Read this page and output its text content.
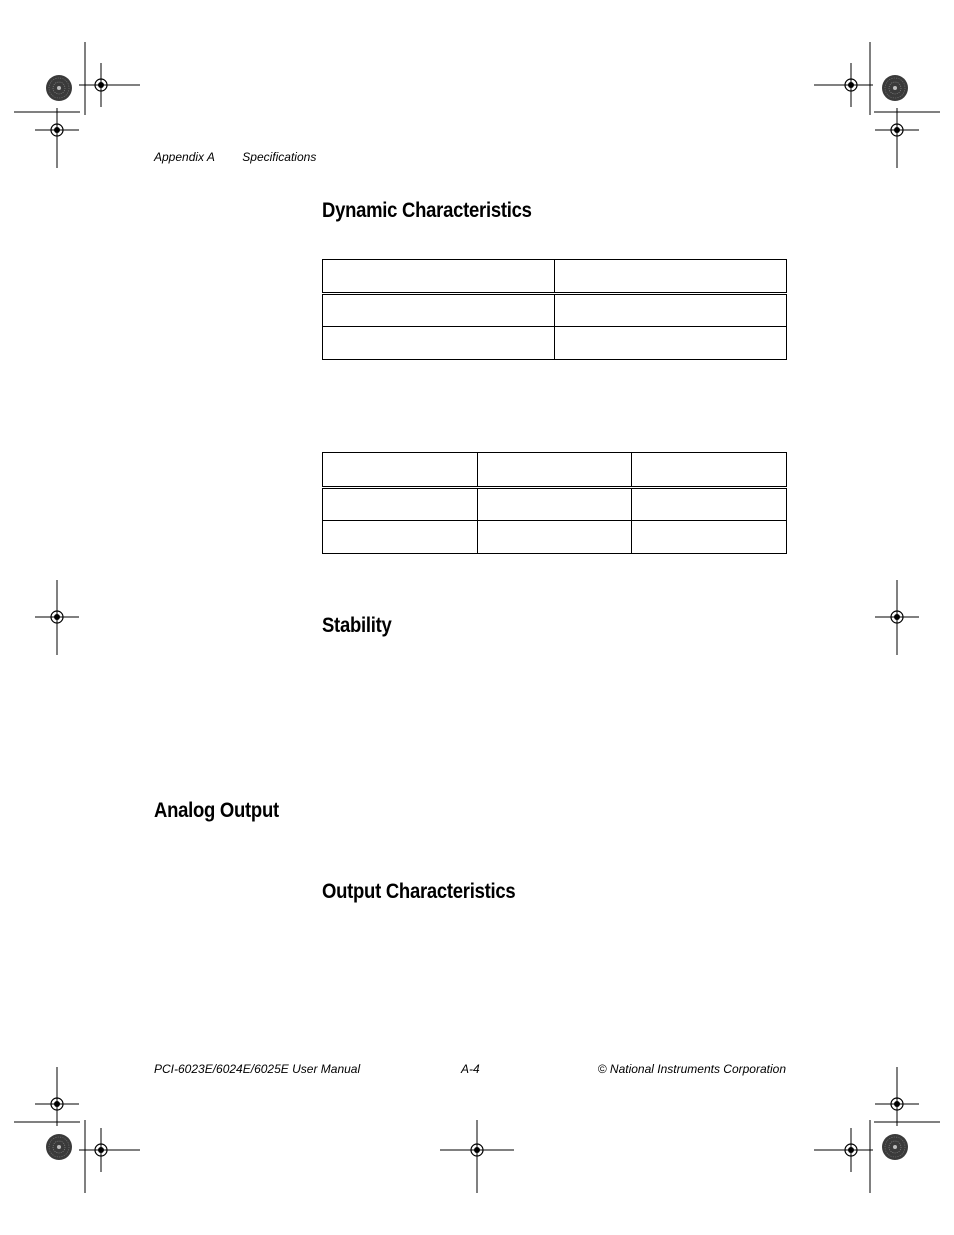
Appendix A Specifications
Dynamic Characteristics

Stability
Analog Output
Output Characteristics
PCI-6023E/6024E/6025E User Manual	A-4	© National Instruments Corporation
